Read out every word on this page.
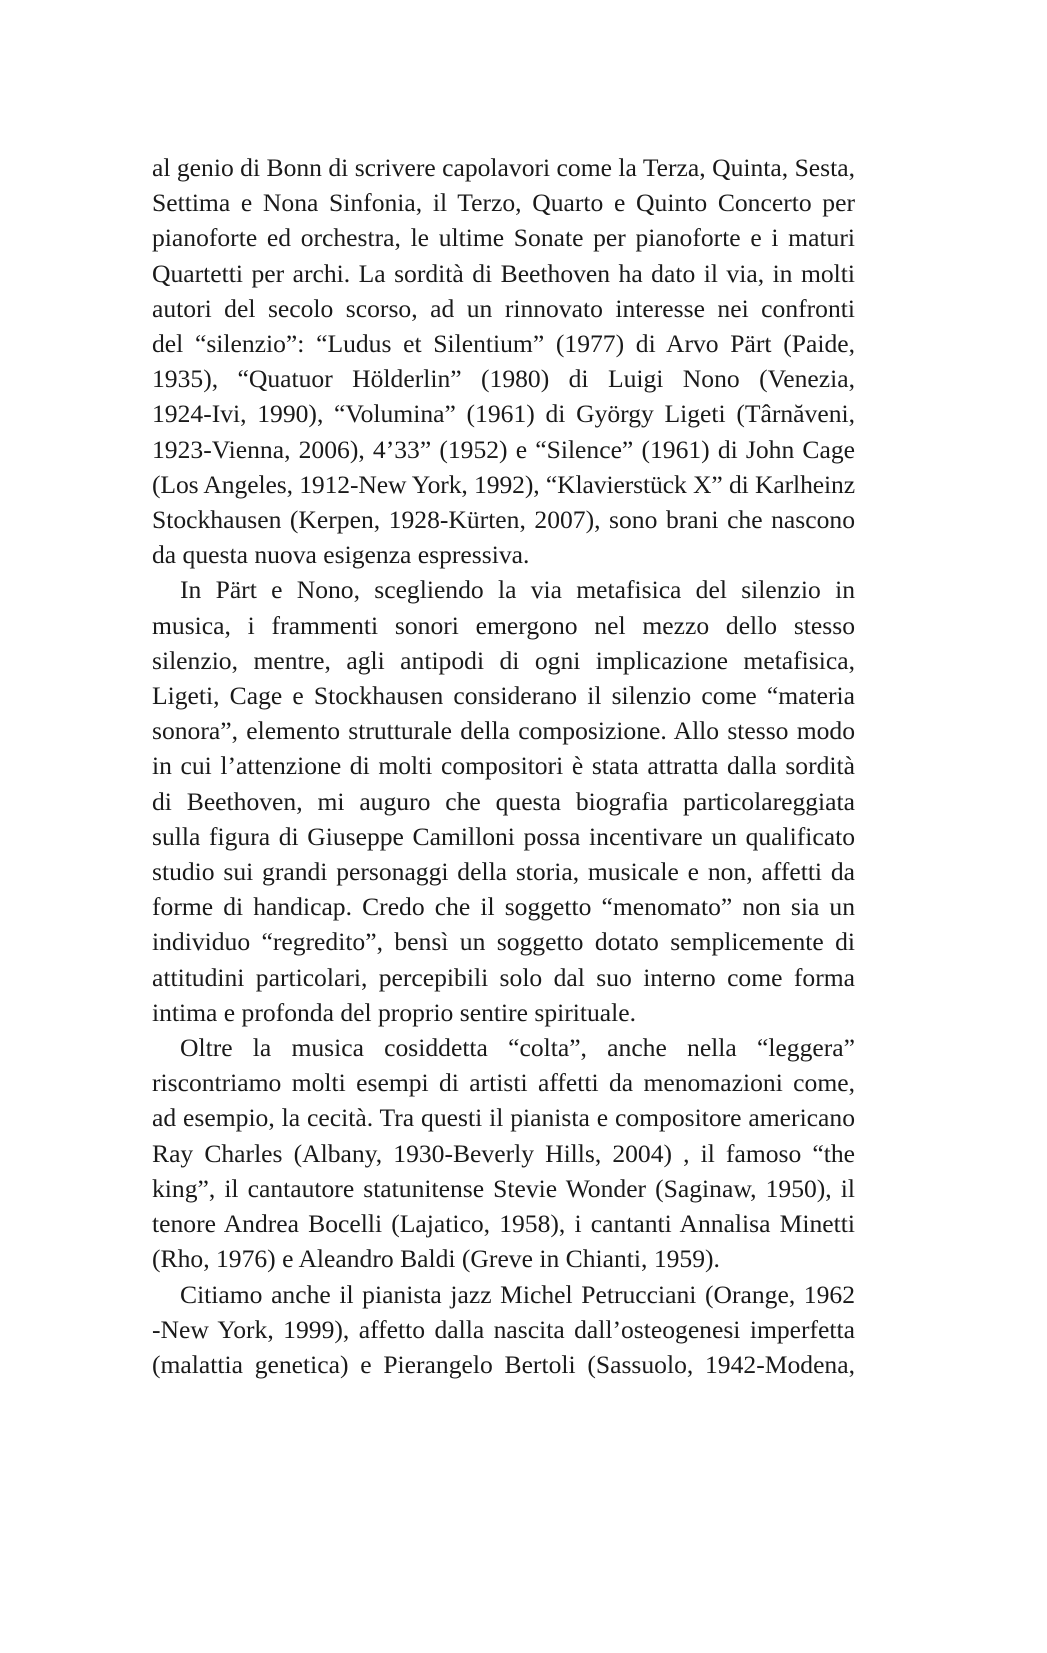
al genio di Bonn di scrivere capolavori come la Terza, Quinta, Sesta,
Settima e Nona Sinfonia, il Terzo, Quarto e Quinto Concerto per
pianoforte ed orchestra, le ultime Sonate per pianoforte e i maturi
Quartetti per archi. La sordità di Beethoven ha dato il via, in molti
autori del secolo scorso, ad un rinnovato interesse nei confronti
del “silenzio”: “Ludus et Silentium” (1977) di Arvo Pärt (Paide,
1935), “Quatuor Hölderlin” (1980) di Luigi Nono (Venezia,
1924-Ivi, 1990), “Volumina” (1961) di György Ligeti (Târnăveni,
1923-Vienna, 2006), 4’33” (1952) e “Silence” (1961) di John Cage
(Los Angeles, 1912-New York, 1992), “Klavierstück X” di Karlheinz
Stockhausen (Kerpen, 1928-Kürten, 2007), sono brani che nascono
da questa nuova esigenza espressiva.

In Pärt e Nono, scegliendo la via metafisica del silenzio in
musica, i frammenti sonori emergono nel mezzo dello stesso
silenzio, mentre, agli antipodi di ogni implicazione metafisica,
Ligeti, Cage e Stockhausen considerano il silenzio come “materia
sonora”, elemento strutturale della composizione. Allo stesso modo
in cui l’attenzione di molti compositori è stata attratta dalla sordità
di Beethoven, mi auguro che questa biografia particolareggiata
sulla figura di Giuseppe Camilloni possa incentivare un qualificato
studio sui grandi personaggi della storia, musicale e non, affetti da
forme di handicap. Credo che il soggetto “menomato” non sia un
individuo “regredito”, bensì un soggetto dotato semplicemente di
attitudini particolari, percepibili solo dal suo interno come forma
intima e profonda del proprio sentire spirituale.

Oltre la musica cosiddetta “colta”, anche nella “leggera”
riscontriamo molti esempi di artisti affetti da menomazioni come,
ad esempio, la cecità. Tra questi il pianista e compositore americano
Ray Charles (Albany, 1930-Beverly Hills, 2004) , il famoso “the
king”, il cantautore statunitense Stevie Wonder (Saginaw, 1950), il
tenore Andrea Bocelli (Lajatico, 1958), i cantanti Annalisa Minetti
(Rho, 1976) e Aleandro Baldi (Greve in Chianti, 1959).

Citiamo anche il pianista jazz Michel Petrucciani (Orange, 1962
-New York, 1999), affetto dalla nascita dall’osteogenesi imperfetta
(malattia genetica) e Pierangelo Bertoli (Sassuolo, 1942-Modena,
